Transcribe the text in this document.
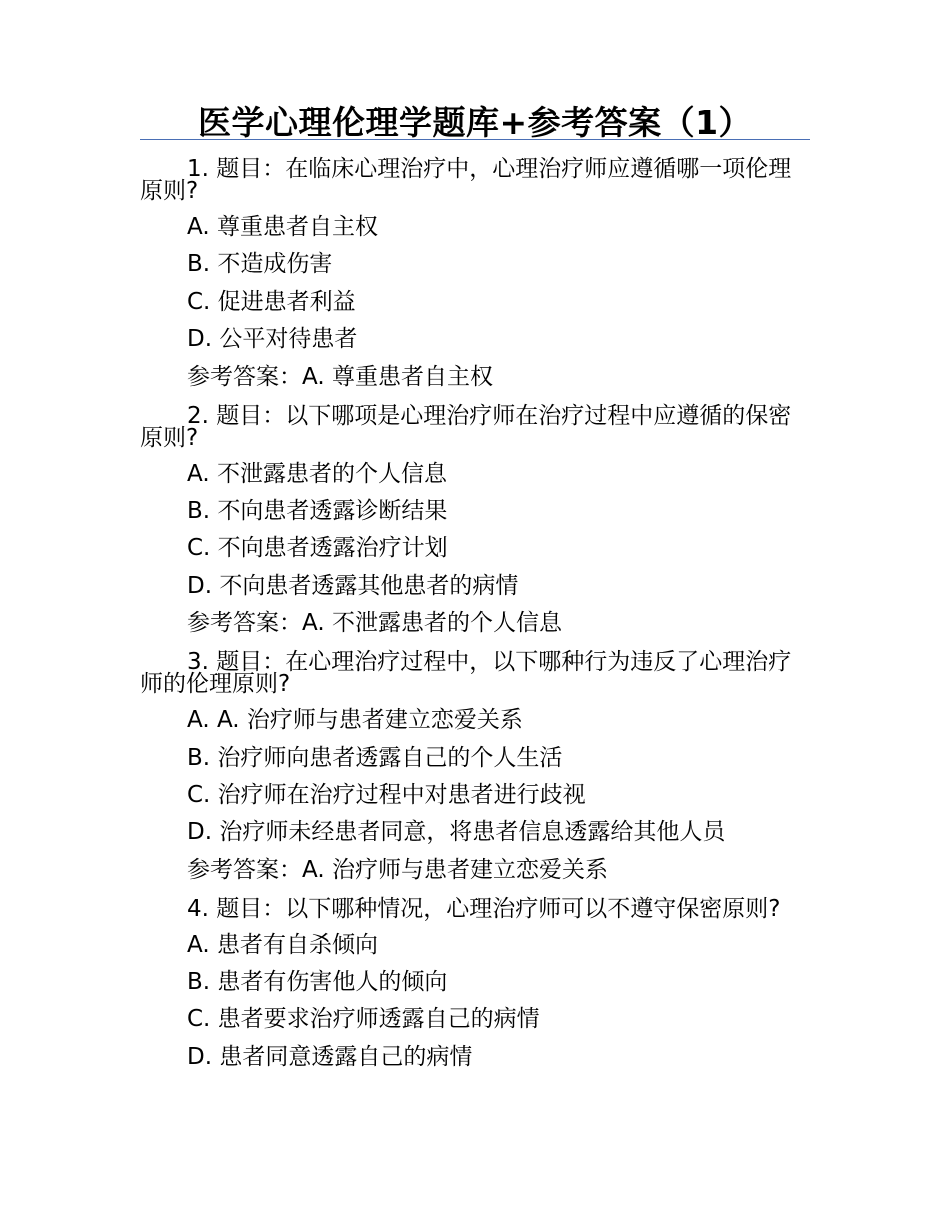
医学心理伦理学题库+参考答案（1）
1. 题目：在临床心理治疗中，心理治疗师应遵循哪一项伦理原则?
A. 尊重患者自主权
B. 不造成伤害
C. 促进患者利益
D. 公平对待患者
参考答案：A. 尊重患者自主权
2. 题目：以下哪项是心理治疗师在治疗过程中应遵循的保密原则?
A. 不泄露患者的个人信息
B. 不向患者透露诊断结果
C. 不向患者透露治疗计划
D. 不向患者透露其他患者的病情
参考答案：A. 不泄露患者的个人信息
3. 题目：在心理治疗过程中，以下哪种行为违反了心理治疗师的伦理原则?
A. A. 治疗师与患者建立恋爱关系
B. 治疗师向患者透露自己的个人生活
C. 治疗师在治疗过程中对患者进行歧视
D. 治疗师未经患者同意，将患者信息透露给其他人员
参考答案：A. 治疗师与患者建立恋爱关系
4. 题目：以下哪种情况，心理治疗师可以不遵守保密原则?
A. 患者有自杀倾向
B. 患者有伤害他人的倾向
C. 患者要求治疗师透露自己的病情
D. 患者同意透露自己的病情
